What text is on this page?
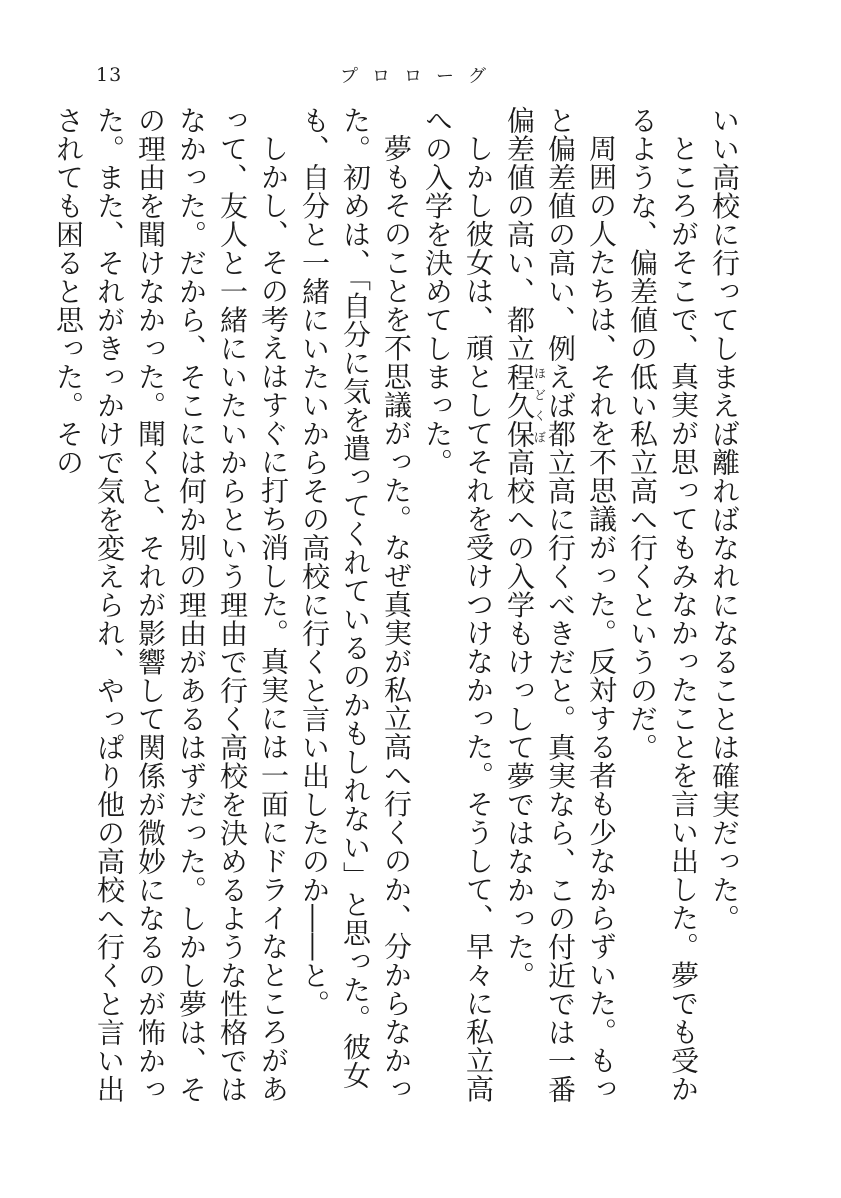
13	プロローグ

いい高校に行ってしまえば離ればなれになることは確実だった。

ところがそこで、真実が思ってもみなかったことを言い出した。夢でも受かるような、偏差値の低い私立高へ行くというのだ。

周囲の人たちは、それを不思議がった。反対する者も少なからずいた。もっと偏差値の高い、例えば都立高に行くべきだと。真実なら、この付近では一番偏差値の高い、都立程久保ほどくぼ高校への入学もけっして夢ではなかった。

しかし彼女は、頑としてそれを受けつけなかった。そうして、早々に私立高への入学を決めてしまった。

夢もそのことを不思議がった。なぜ真実が私立高へ行くのか、分からなかった。初めは、「自分に気を遣ってくれているのかもしれない」と思った。彼女も、自分と一緒にいたいからその高校に行くと言い出したのか――と。

しかし、その考えはすぐに打ち消した。真実には一面にドライなところがあって、友人と一緒にいたいからという理由で行く高校を決めるような性格ではなかった。だから、そこには何か別の理由があるはずだった。しかし夢は、その理由を聞けなかった。聞くと、それが影響して関係が微妙になるのが怖かった。また、それがきっかけで気を変えられ、やっぱり他の高校へ行くと言い出されても困ると思った。その
